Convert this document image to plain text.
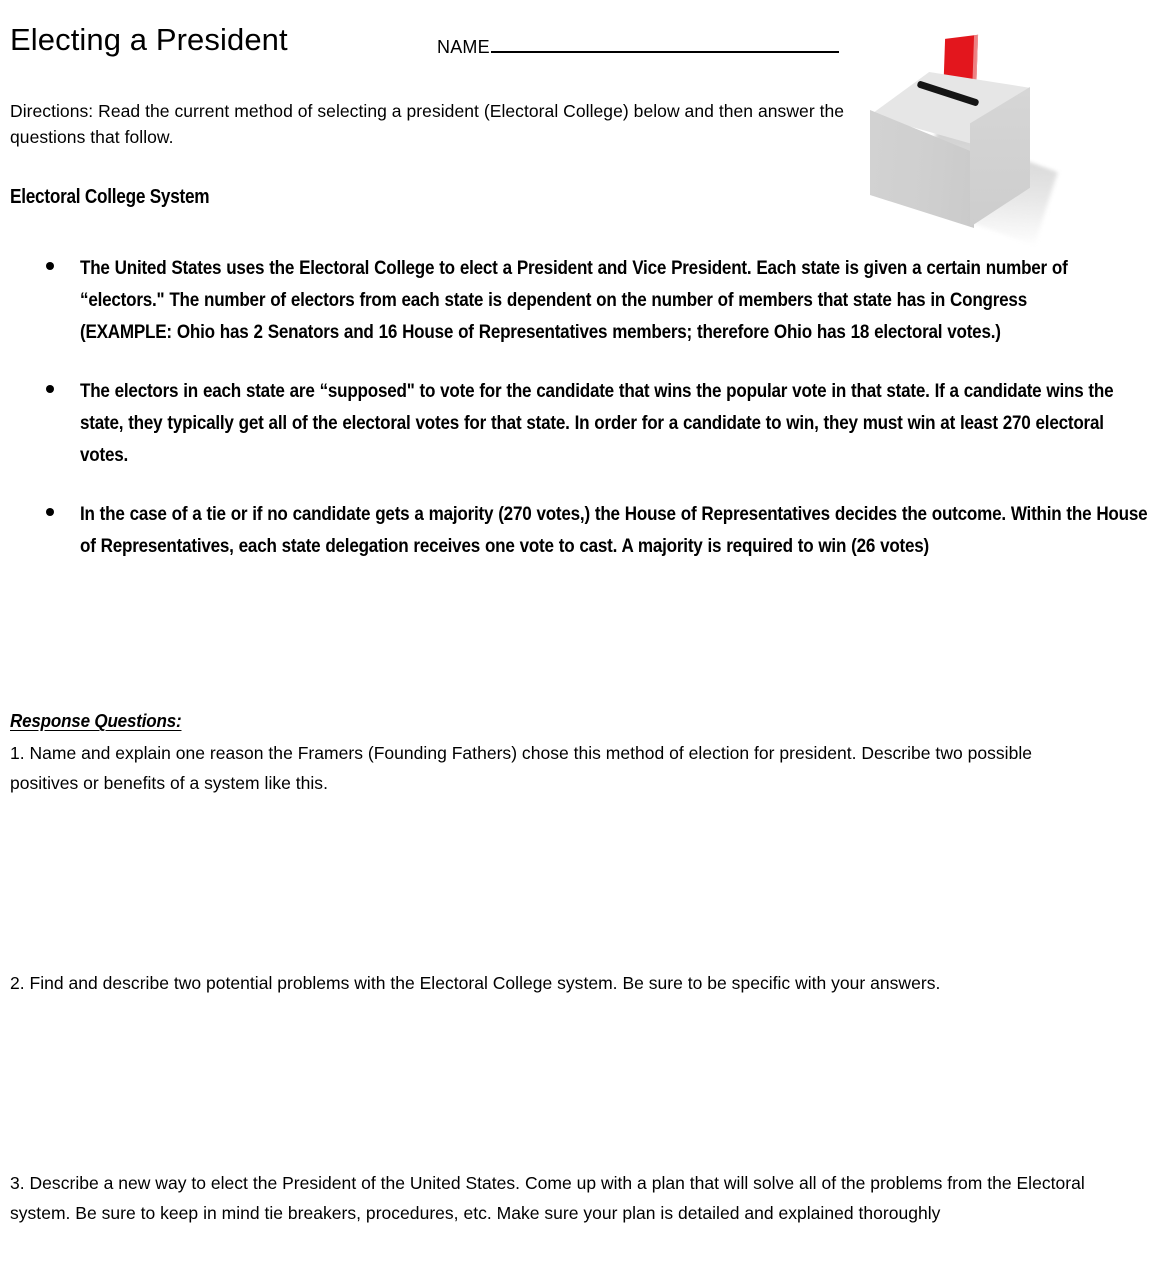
Electing a President	NAME
Directions: Read the current method of selecting a president (Electoral College) below and then answer the questions that follow.
Electoral College System
The United States uses the Electoral College to elect a President and Vice President. Each state is given a certain number of “electors." The number of electors from each state is dependent on the number of members that state has in Congress (EXAMPLE: Ohio has 2 Senators and 16 House of Representatives members; therefore Ohio has 18 electoral votes.)
The electors in each state are “supposed" to vote for the candidate that wins the popular vote in that state. If a candidate wins the state, they typically get all of the electoral votes for that state. In order for a candidate to win, they must win at least 270 electoral votes.
In the case of a tie or if no candidate gets a majority (270 votes,) the House of Representatives decides the outcome. Within the House of Representatives, each state delegation receives one vote to cast. A majority is required to win (26 votes)
Response Questions:
1. Name and explain one reason the Framers (Founding Fathers) chose this method of election for president. Describe two possible positives or benefits of a system like this.
2. Find and describe two potential problems with the Electoral College system. Be sure to be specific with your answers.
3. Describe a new way to elect the President of the United States. Come up with a plan that will solve all of the problems from the Electoral system. Be sure to keep in mind tie breakers, procedures, etc. Make sure your plan is detailed and explained thoroughly
